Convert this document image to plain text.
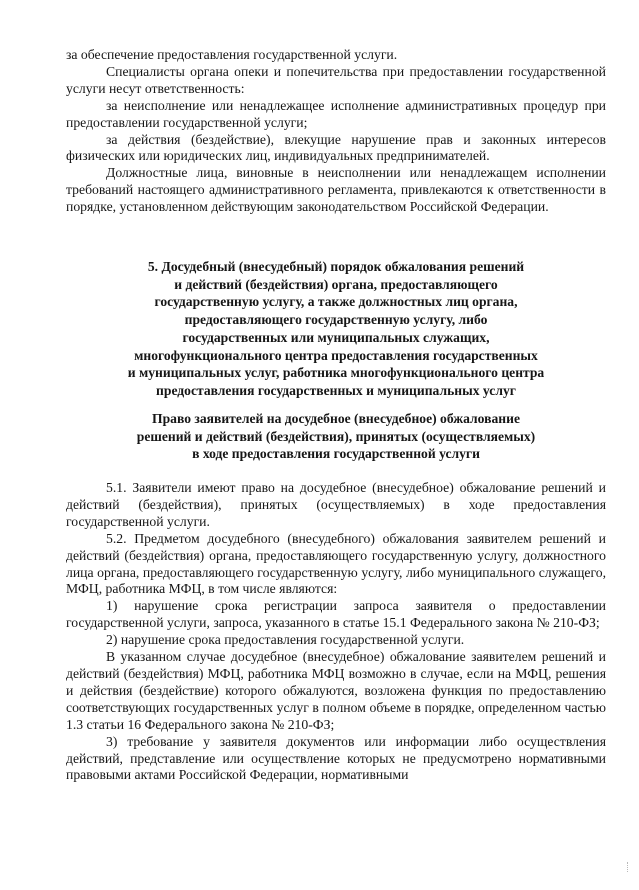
за обеспечение предоставления государственной услуги.

Специалисты органа опеки и попечительства при предоставлении государственной услуги несут ответственность:

за неисполнение или ненадлежащее исполнение административных процедур при предоставлении государственной услуги;

за действия (бездействие), влекущие нарушение прав и законных интересов физических или юридических лиц, индивидуальных предпринимателей.

Должностные лица, виновные в неисполнении или ненадлежащем исполнении требований настоящего административного регламента, привлекаются к ответственности в порядке, установленном действующим законодательством Российской Федерации.

5. Досудебный (внесудебный) порядок обжалования решений
и действий (бездействия) органа, предоставляющего
государственную услугу, а также должностных лиц органа,
предоставляющего государственную услугу, либо
государственных или муниципальных служащих,
многофункционального центра предоставления государственных
и муниципальных услуг, работника многофункционального центра
предоставления государственных и муниципальных услуг
Право заявителей на досудебное (внесудебное) обжалование
решений и действий (бездействия), принятых (осуществляемых)
в ходе предоставления государственной услуги

5.1. Заявители имеют право на досудебное (внесудебное) обжалование решений и действий (бездействия), принятых (осуществляемых) в ходе предоставления государственной услуги.

5.2. Предметом досудебного (внесудебного) обжалования заявителем решений и действий (бездействия) органа, предоставляющего государственную услугу, должностного лица органа, предоставляющего государственную услугу, либо муниципального служащего, МФЦ, работника МФЦ, в том числе являются:

1) нарушение срока регистрации запроса заявителя о предоставлении государственной услуги, запроса, указанного в статье 15.1 Федерального закона № 210-ФЗ;

2) нарушение срока предоставления государственной услуги.

В указанном случае досудебное (внесудебное) обжалование заявителем решений и действий (бездействия) МФЦ, работника МФЦ возможно в случае, если на МФЦ, решения и действия (бездействие) которого обжалуются, возложена функция по предоставлению соответствующих государственных услуг в полном объеме в порядке, определенном частью 1.3 статьи 16 Федерального закона № 210-ФЗ;

3) требование у заявителя документов или информации либо осуществления действий, представление или осуществление которых не предусмотрено нормативными правовыми актами Российской Федерации, нормативными
